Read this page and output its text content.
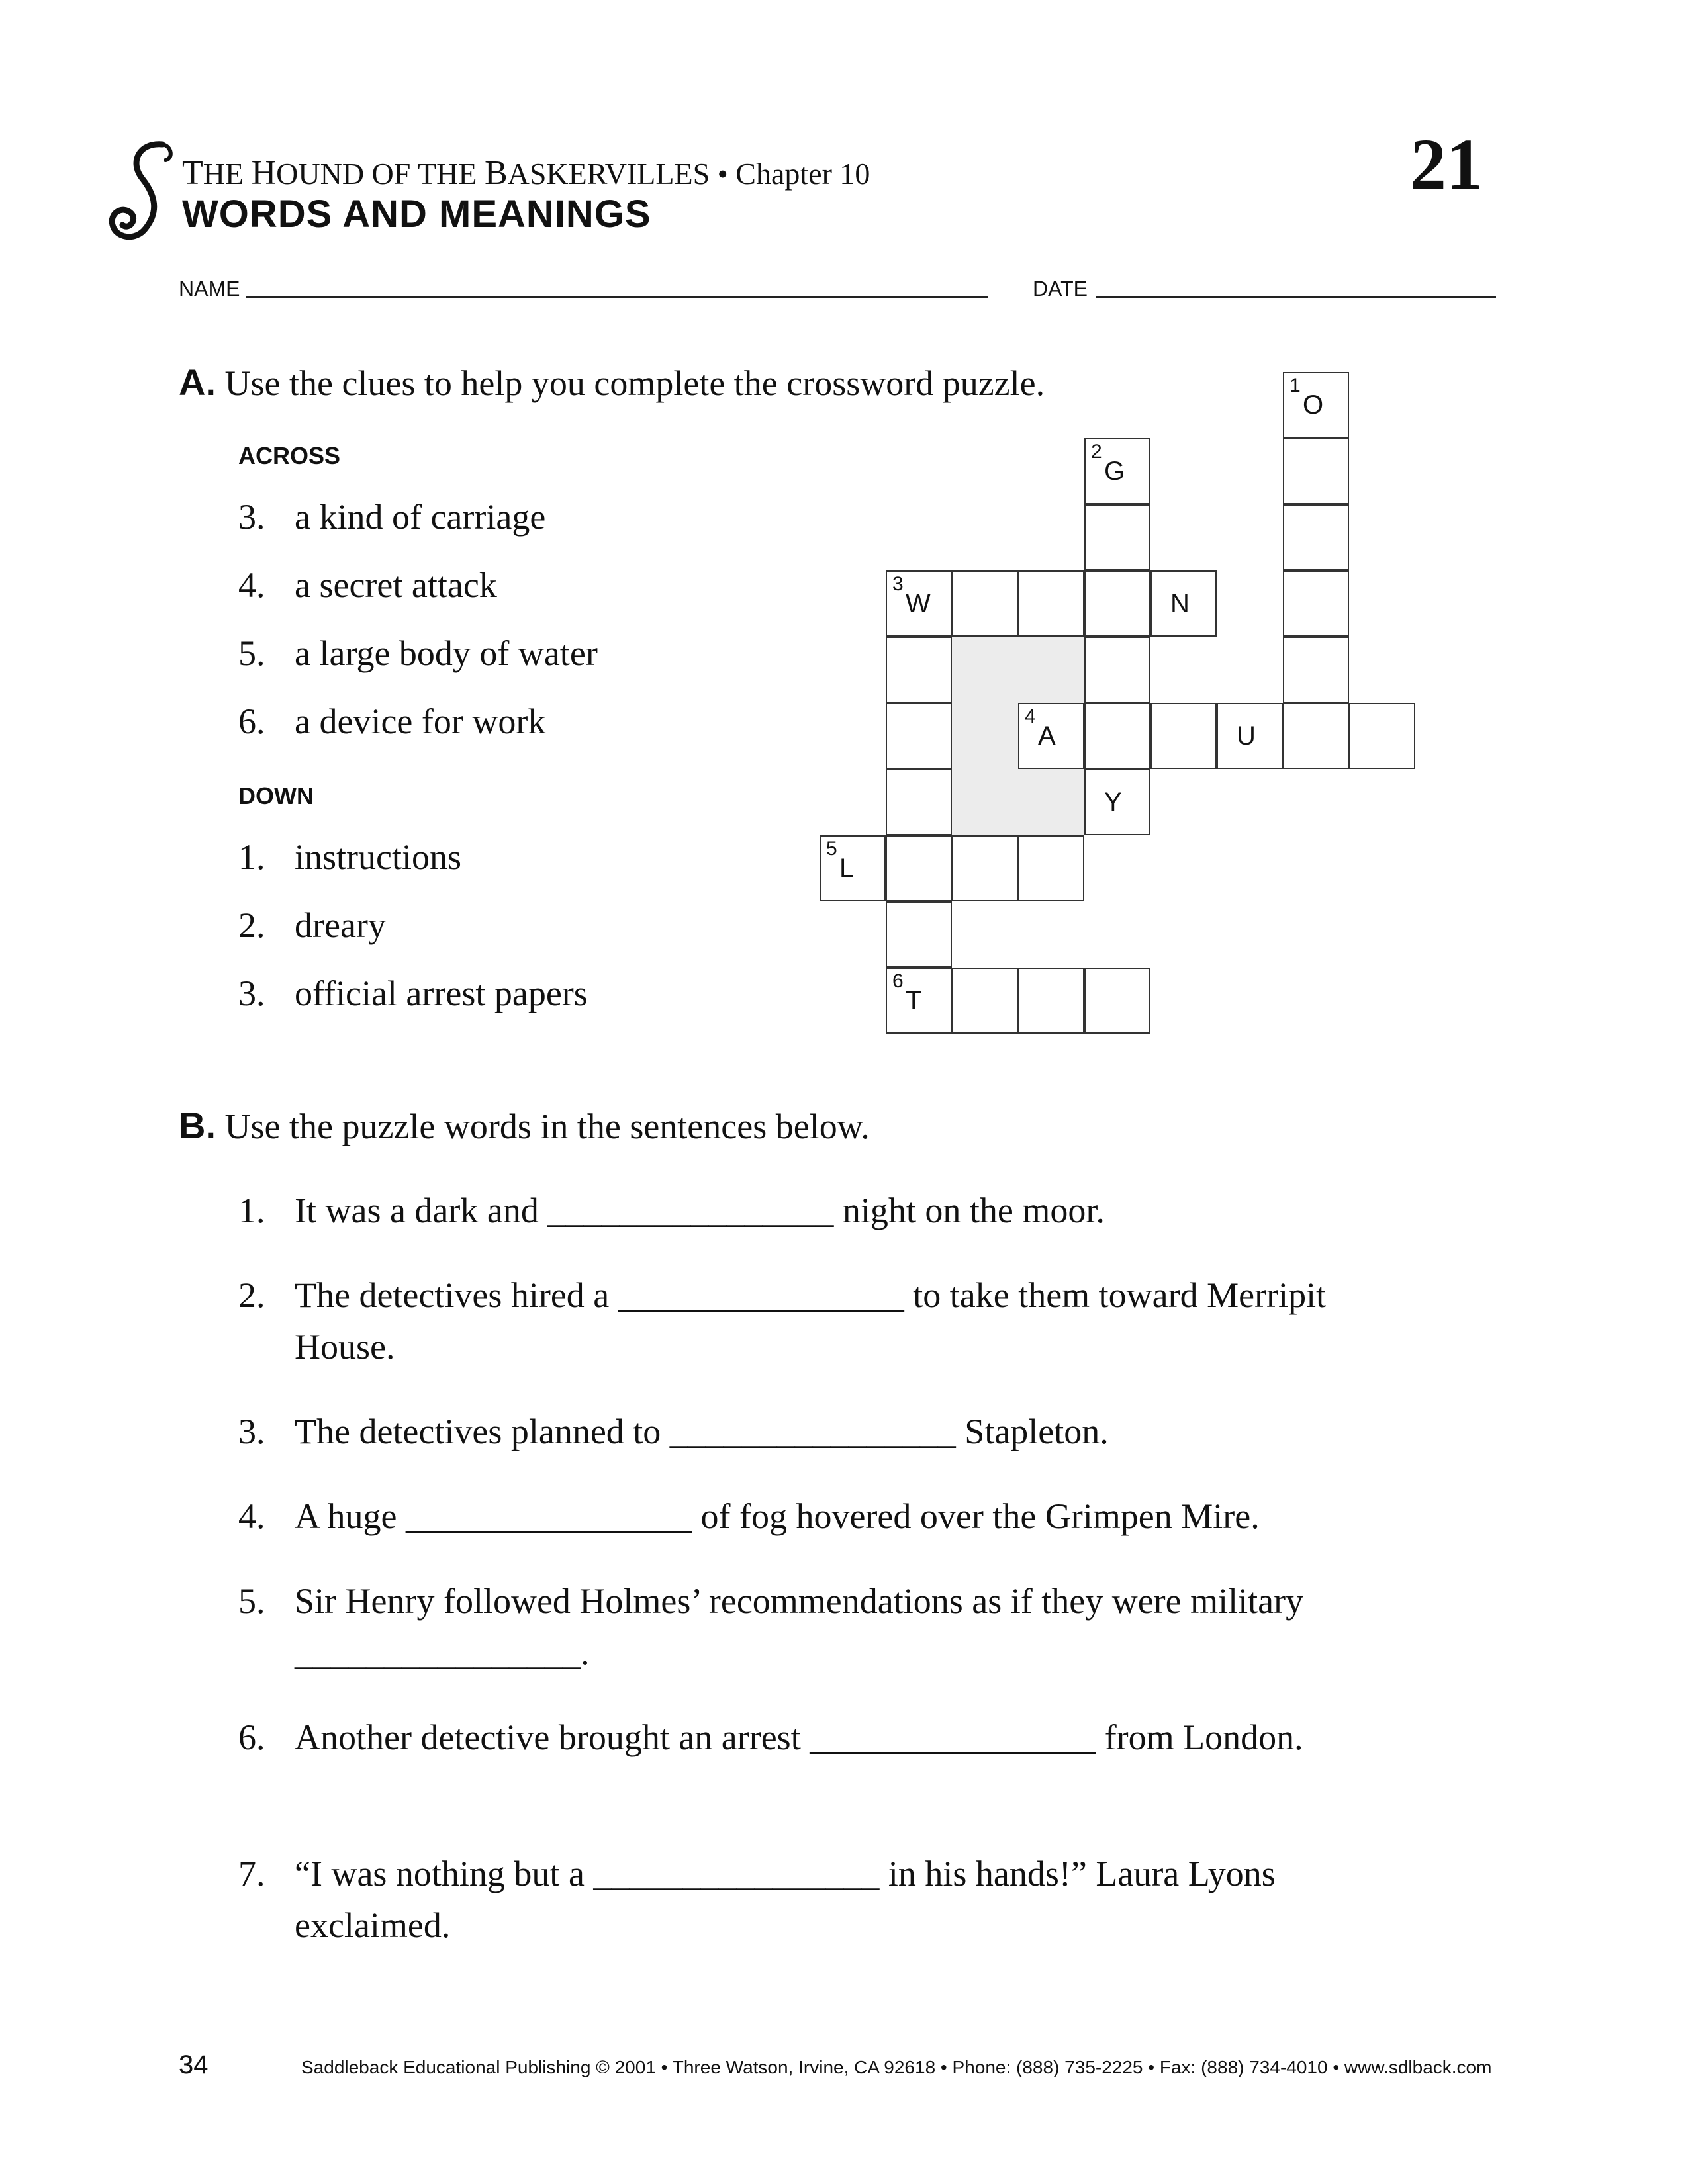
THE HOUND OF THE BASKERVILLES • Chapter 10
WORDS AND MEANINGS
21
NAME	DATE
A. Use the clues to help you complete the crossword puzzle.
ACROSS
3. a kind of carriage
4. a secret attack
5. a large body of water
6. a device for work
DOWN
1. instructions
2. dreary
3. official arrest papers
1
O
2
G
3
W	N
4
A	U
Y
5
L
6
T
B. Use the puzzle words in the sentences below.
1. It was a dark and ________________ night on the moor.
2. The detectives hired a ________________ to take them toward Merripit House.
3. The detectives planned to ________________ Stapleton.
4. A huge ________________ of fog hovered over the Grimpen Mire.
5. Sir Henry followed Holmes’ recommendations as if they were military ________________.
6. Another detective brought an arrest ________________ from London.
7. “I was nothing but a ________________ in his hands!” Laura Lyons exclaimed.
34	Saddleback Educational Publishing © 2001 • Three Watson, Irvine, CA 92618 • Phone: (888) 735-2225 • Fax: (888) 734-4010 • www.sdlback.com
